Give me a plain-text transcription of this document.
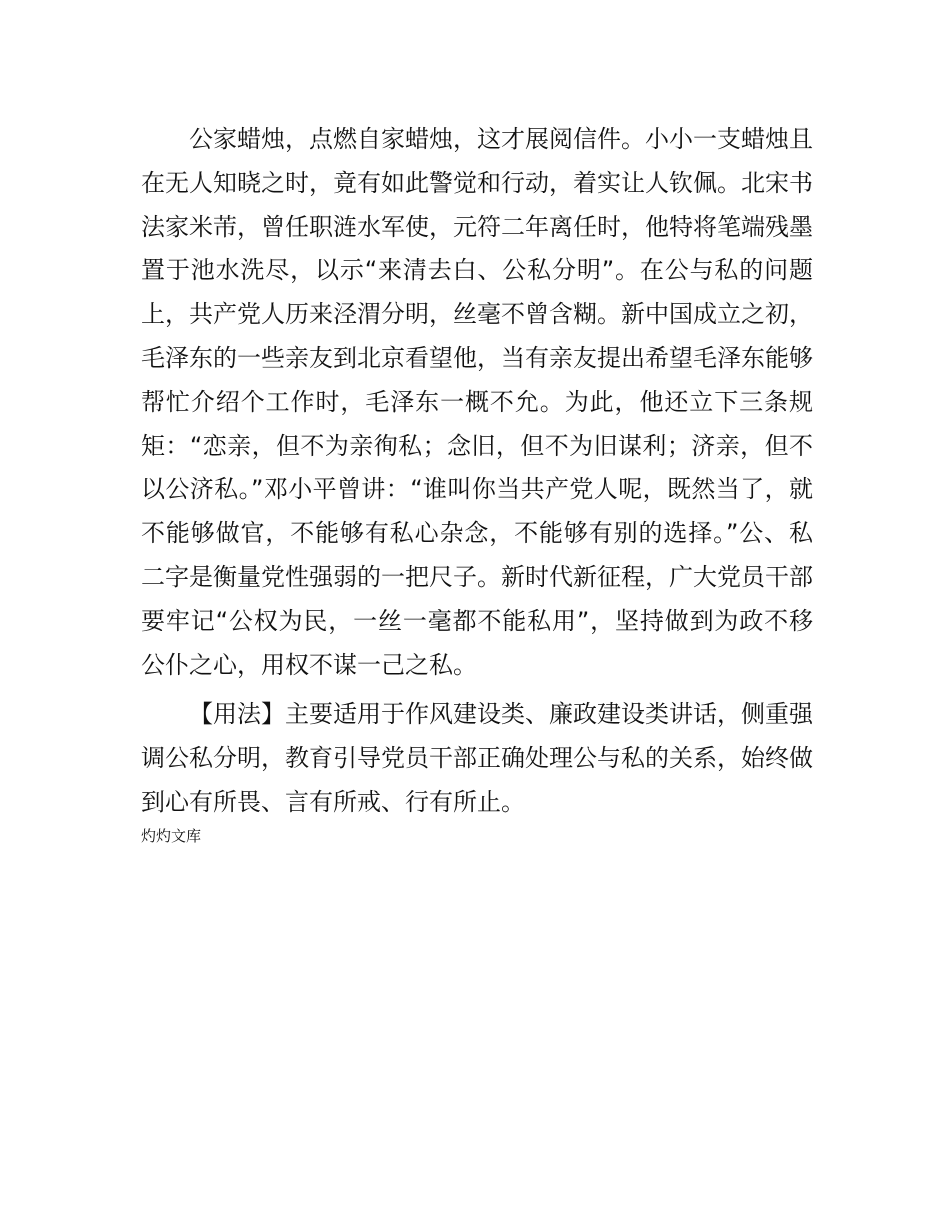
公家蜡烛，点燃自家蜡烛，这才展阅信件。小小一支蜡烛且在无人知晓之时，竟有如此警觉和行动，着实让人钦佩。北宋书法家米芾，曾任职涟水军使，元符二年离任时，他特将笔端残墨置于池水洗尽，以示“来清去白、公私分明”。在公与私的问题上，共产党人历来泾渭分明，丝毫不曾含糊。新中国成立之初，毛泽东的一些亲友到北京看望他，当有亲友提出希望毛泽东能够帮忙介绍个工作时，毛泽东一概不允。为此，他还立下三条规矩：“恋亲，但不为亲徇私；念旧，但不为旧谋利；济亲，但不以公济私。”邓小平曾讲：“谁叫你当共产党人呢，既然当了，就不能够做官，不能够有私心杂念，不能够有别的选择。”公、私二字是衡量党性强弱的一把尺子。新时代新征程，广大党员干部要牢记“公权为民，一丝一毫都不能私用”，坚持做到为政不移公仆之心，用权不谋一己之私。

【用法】主要适用于作风建设类、廉政建设类讲话，侧重强调公私分明，教育引导党员干部正确处理公与私的关系，始终做到心有所畏、言有所戒、行有所止。

灼灼文库
